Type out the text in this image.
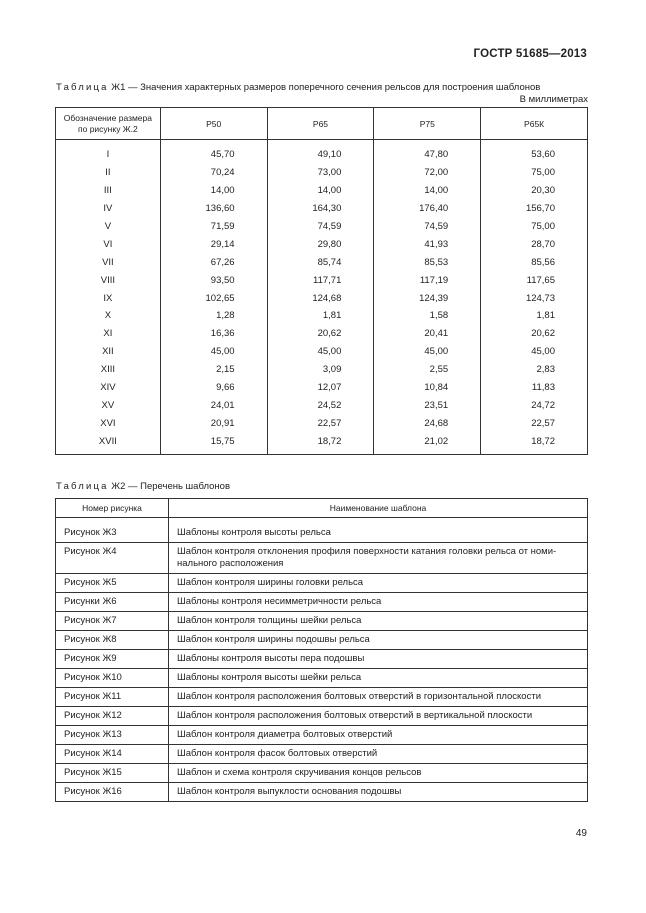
ГОСТР 51685—2013
Таблица Ж1 — Значения характерных размеров поперечного сечения рельсов для построения шаблонов
В миллиметрах
Обозначение размера
по рисунку Ж.2	Р50	Р65	Р75	Р65К
I	45,70	49,10	47,80	53,60
II	70,24	73,00	72,00	75,00
III	14,00	14,00	14,00	20,30
IV	136,60	164,30	176,40	156,70
V	71,59	74,59	74,59	75,00
VI	29,14	29,80	41,93	28,70
VII	67,26	85,74	85,53	85,56
VIII	93,50	117,71	117,19	117,65
IX	102,65	124,68	124,39	124,73
X	1,28	1,81	1,58	1,81
XI	16,36	20,62	20,41	20,62
XII	45,00	45,00	45,00	45,00
XIII	2,15	3,09	2,55	2,83
XIV	9,66	12,07	10,84	11,83
XV	24,01	24,52	23,51	24,72
XVI	20,91	22,57	24,68	22,57
XVII	15,75	18,72	21,02	18,72
Таблица Ж2 — Перечень шаблонов
Номер рисунка	Наименование шаблона

Рисунок Ж3	Шаблоны контроля высоты рельса
Рисунок Ж4	Шаблон контроля отклонения профиля поверхности катания головки рельса от номи-нального расположения
Рисунок Ж5	Шаблон контроля ширины головки рельса
Рисунки Ж6	Шаблоны контроля несимметричности рельса
Рисунок Ж7	Шаблон контроля толщины шейки рельса
Рисунок Ж8	Шаблон контроля ширины подошвы рельса
Рисунок Ж9	Шаблоны контроля высоты пера подошвы
Рисунок Ж10	Шаблоны контроля высоты шейки рельса
Рисунок Ж11	Шаблон контроля расположения болтовых отверстий в горизонтальной плоскости
Рисунок Ж12	Шаблон контроля расположения болтовых отверстий в вертикальной плоскости
Рисунок Ж13	Шаблон контроля диаметра болтовых отверстий
Рисунок Ж14	Шаблон контроля фасок болтовых отверстий
Рисунок Ж15	Шаблон и схема контроля скручивания концов рельсов
Рисунок Ж16	Шаблон контроля выпуклости основания подошвы
49
